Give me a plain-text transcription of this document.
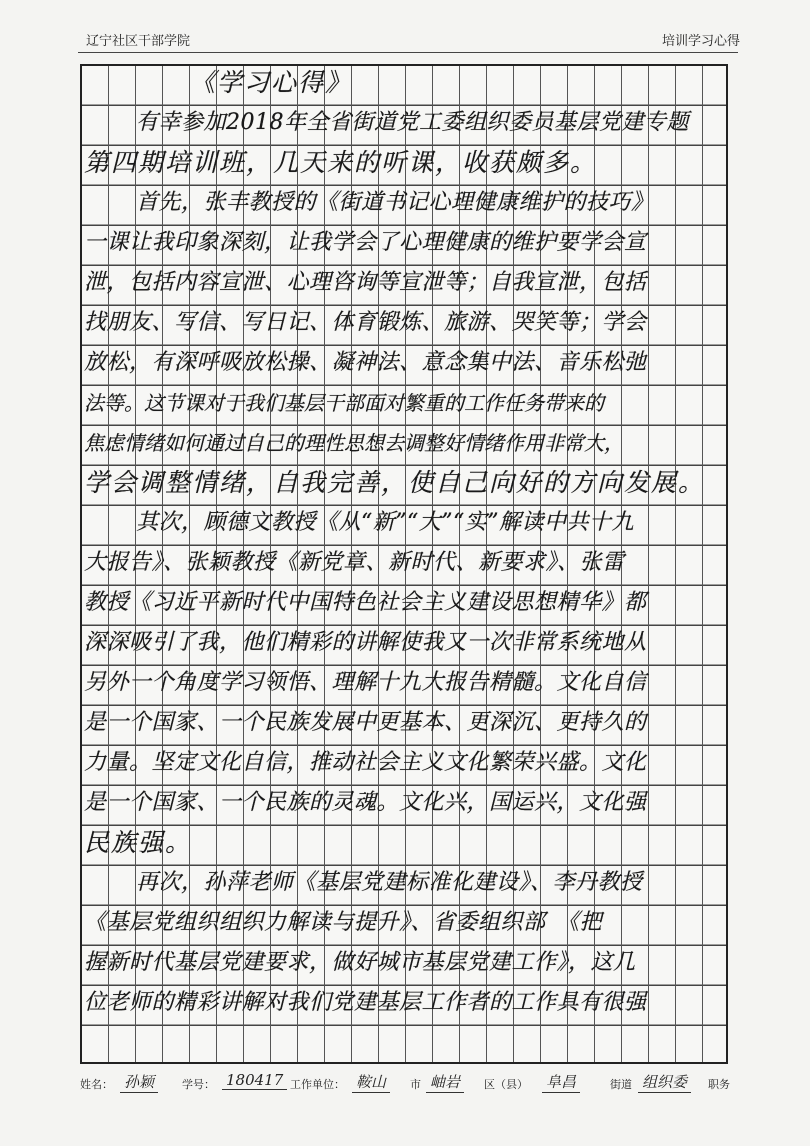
辽宁社区干部学院	培训学习心得
《学习心得》
有幸参加2018年全省街道党工委组织委员基层党建专题
第四期培训班，几天来的听课，收获颇多。
首先，张丰教授的《街道书记心理健康维护的技巧》
一课让我印象深刻，让我学会了心理健康的维护要学会宣
泄，包括内容宣泄、心理咨询等宣泄等；自我宣泄，包括
找朋友、写信、写日记、体育锻炼、旅游、哭笑等；学会
放松，有深呼吸放松操、凝神法、意念集中法、音乐松弛
法等。这节课对于我们基层干部面对繁重的工作任务带来的
焦虑情绪如何通过自己的理性思想去调整好情绪作用非常大，
学会调整情绪，自我完善，使自己向好的方向发展。
其次，顾德文教授《从“新”“大”“实”解读中共十九
大报告》、张颖教授《新党章、新时代、新要求》、张雷
教授《习近平新时代中国特色社会主义建设思想精华》都
深深吸引了我，他们精彩的讲解使我又一次非常系统地从
另外一个角度学习领悟、理解十九大报告精髓。文化自信
是一个国家、一个民族发展中更基本、更深沉、更持久的
力量。坚定文化自信，推动社会主义文化繁荣兴盛。文化
是一个国家、一个民族的灵魂。文化兴，国运兴，文化强
民族强。
再次，孙萍老师《基层党建标准化建设》、李丹教授
《基层党组织组织力解读与提升》、省委组织部　《把
握新时代基层党建要求，做好城市基层党建工作》，这几
位老师的精彩讲解对我们党建基层工作者的工作具有很强
姓名： 孙颖	学号： 180417 工作单位： 鞍山	市 岫岩	区（县） 阜昌	街道 组织委	职务
